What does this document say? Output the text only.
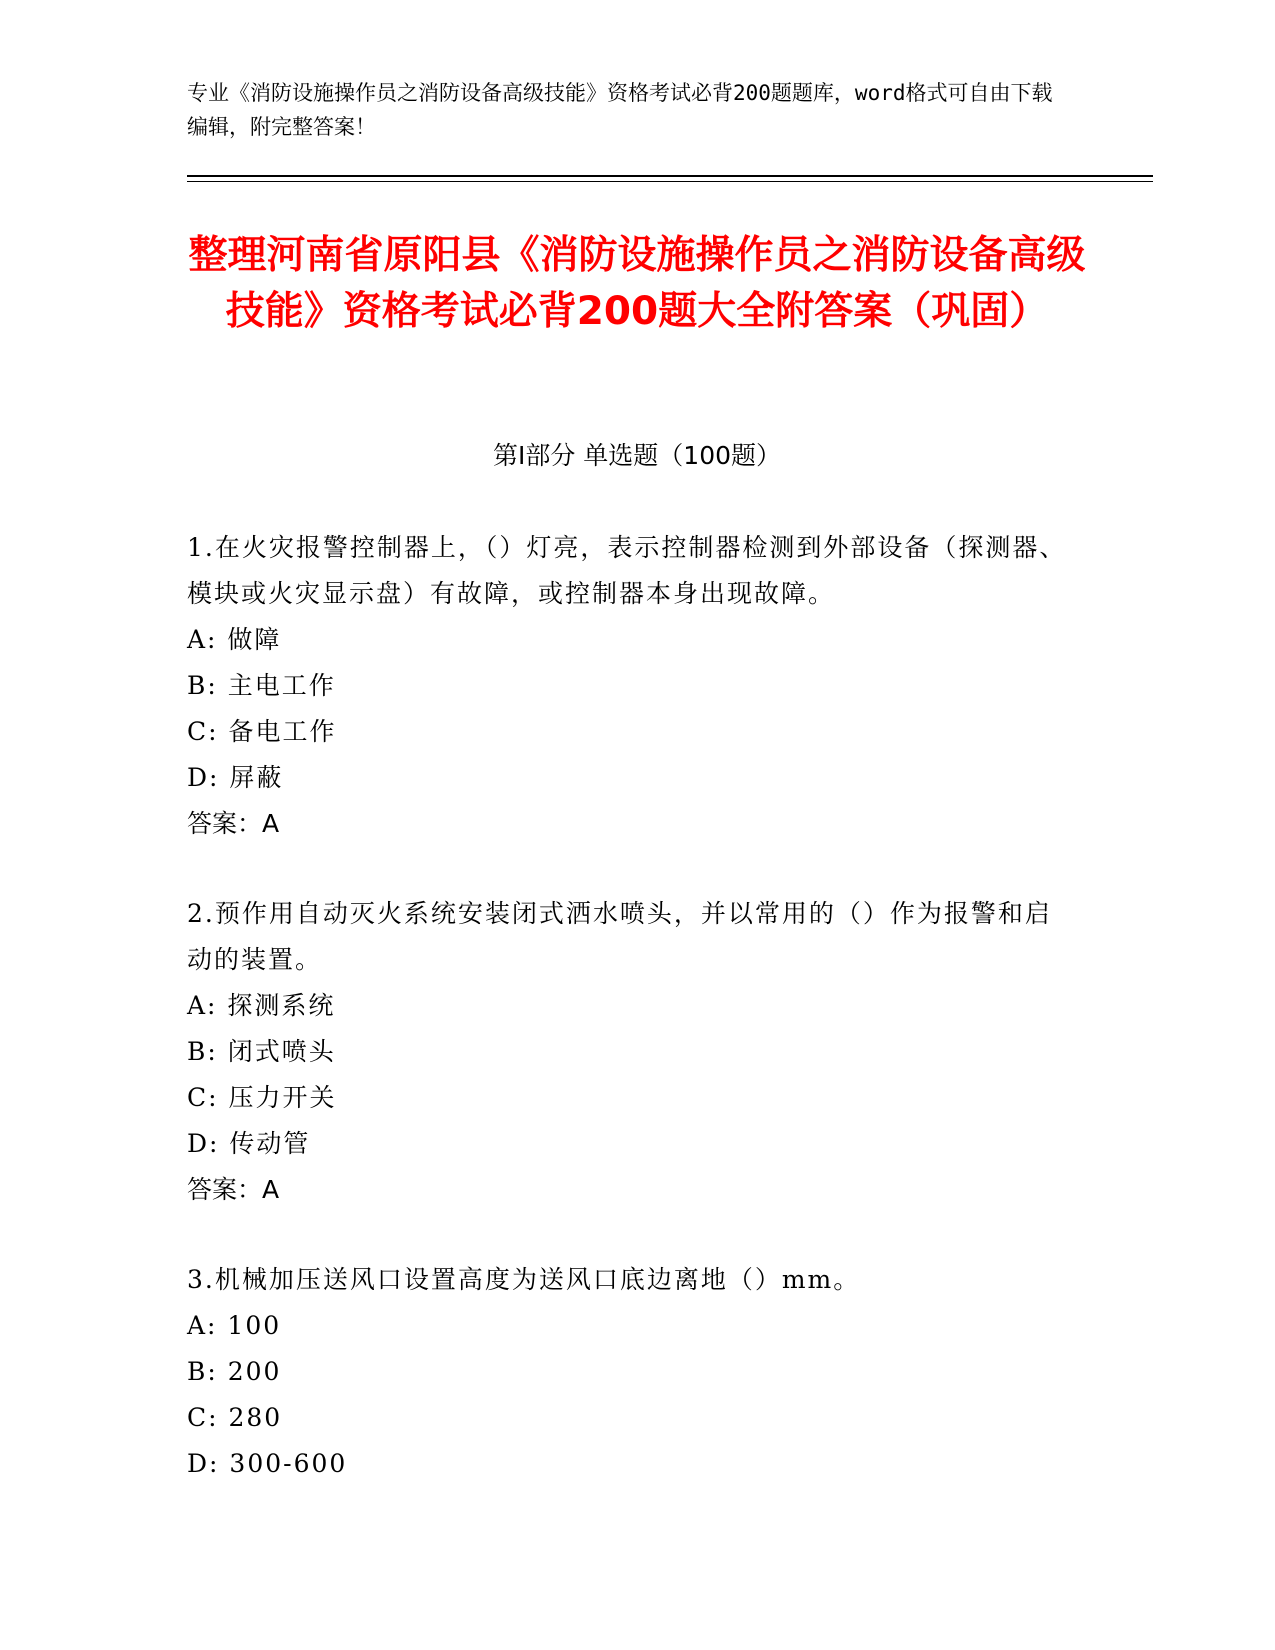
专业《消防设施操作员之消防设备高级技能》资格考试必背200题题库，word格式可自由下载编辑，附完整答案！
整理河南省原阳县《消防设施操作员之消防设备高级技能》资格考试必背200题大全附答案（巩固）
第Ⅰ部分 单选题（100题）
1.在火灾报警控制器上，（）灯亮，表示控制器检测到外部设备（探测器、模块或火灾显示盘）有故障，或控制器本身出现故障。
A: 做障
B: 主电工作
C: 备电工作
D: 屏蔽
答案：A
2.预作用自动灭火系统安装闭式洒水喷头，并以常用的（）作为报警和启动的装置。
A: 探测系统
B: 闭式喷头
C: 压力开关
D: 传动管
答案：A
3.机械加压送风口设置高度为送风口底边离地（）mm。
A: 100
B: 200
C: 280
D: 300-600
